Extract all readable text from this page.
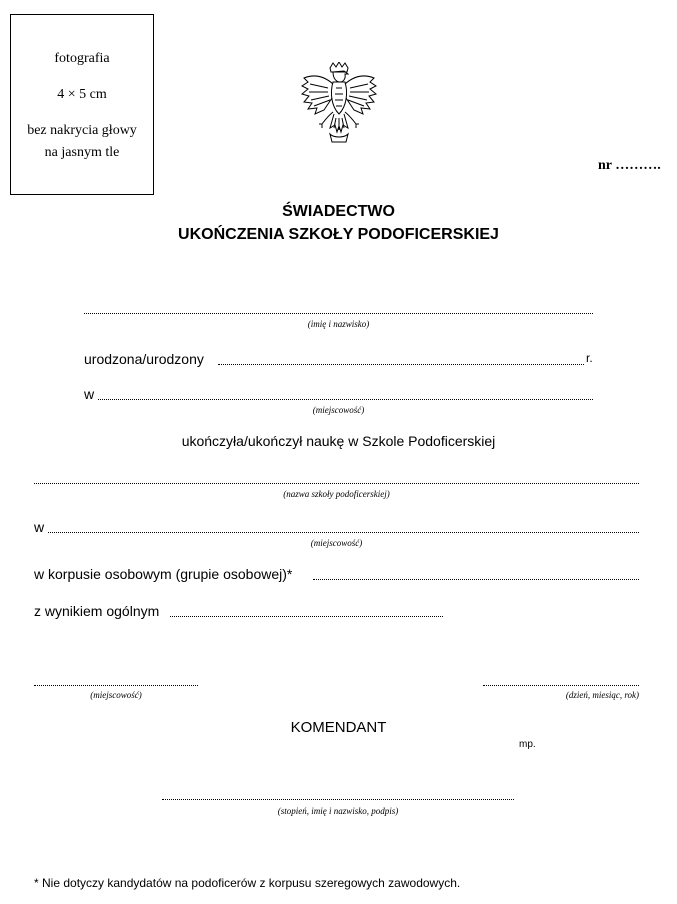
fotografia
4 × 5 cm
bez nakrycia głowy
na jasnym tle
nr ……….
ŚWIADECTWO
UKOŃCZENIA SZKOŁY PODOFICERSKIEJ
(imię i nazwisko)
urodzona/urodzony	r.
w
(miejscowość)
ukończyła/ukończył naukę w Szkole Podoficerskiej
(nazwa szkoły podoficerskiej)
w
(miejscowość)
w korpusie osobowym (grupie osobowej)*
z wynikiem ogólnym
(miejscowość)	(dzień, miesiąc, rok)
KOMENDANT
mp.
(stopień, imię i nazwisko, podpis)
* Nie dotyczy kandydatów na podoficerów z korpusu szeregowych zawodowych.
